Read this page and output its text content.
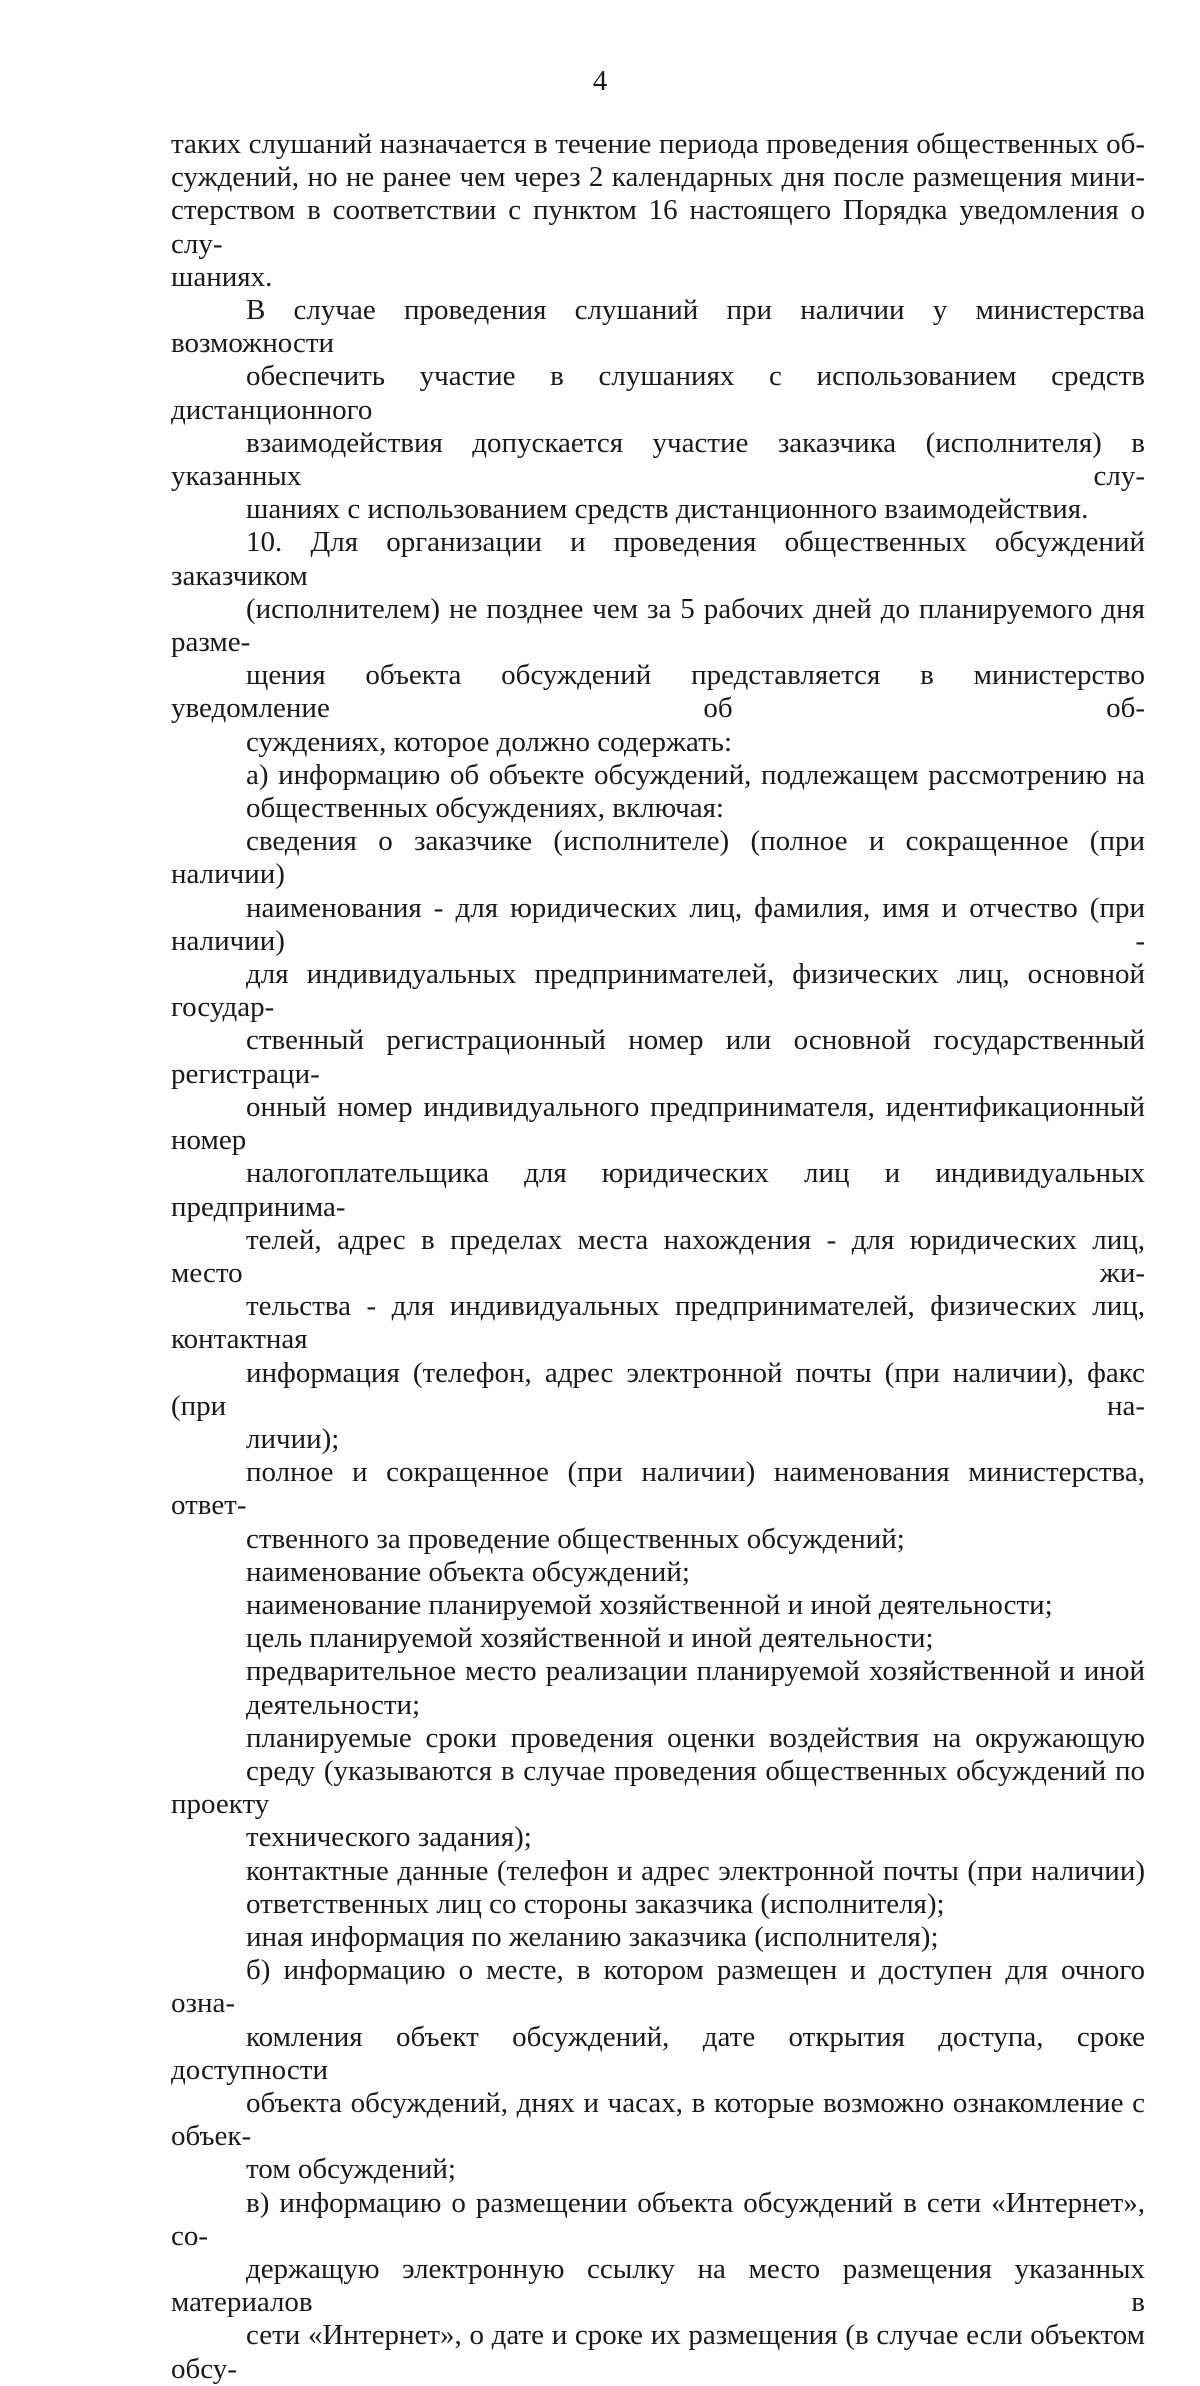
4

таких слушаний назначается в течение периода проведения общественных об-
суждений, но не ранее чем через 2 календарных дня после размещения мини-
стерством в соответствии с пунктом 16 настоящего Порядка уведомления о слу-
шаниях.

В случае проведения слушаний при наличии у министерства возможности
обеспечить участие в слушаниях с использованием средств дистанционного
взаимодействия допускается участие заказчика (исполнителя) в указанных слу-
шаниях с использованием средств дистанционного взаимодействия.

10. Для организации и проведения общественных обсуждений заказчиком
(исполнителем) не позднее чем за 5 рабочих дней до планируемого дня разме-
щения объекта обсуждений представляется в министерство уведомление об об-
суждениях, которое должно содержать:

а) информацию об объекте обсуждений, подлежащем рассмотрению на
общественных обсуждениях, включая:

сведения о заказчике (исполнителе) (полное и сокращенное (при наличии)
наименования - для юридических лиц, фамилия, имя и отчество (при наличии) -
для индивидуальных предпринимателей, физических лиц, основной государ-
ственный регистрационный номер или основной государственный регистраци-
онный номер индивидуального предпринимателя, идентификационный номер
налогоплательщика для юридических лиц и индивидуальных предпринима-
телей, адрес в пределах места нахождения - для юридических лиц, место жи-
тельства - для индивидуальных предпринимателей, физических лиц, контактная
информация (телефон, адрес электронной почты (при наличии), факс (при на-
личии);

полное и сокращенное (при наличии) наименования министерства, ответ-
ственного за проведение общественных обсуждений;

наименование объекта обсуждений;

наименование планируемой хозяйственной и иной деятельности;

цель планируемой хозяйственной и иной деятельности;

предварительное место реализации планируемой хозяйственной и иной
деятельности;

планируемые сроки проведения оценки воздействия на окружающую
среду (указываются в случае проведения общественных обсуждений по проекту
технического задания);

контактные данные (телефон и адрес электронной почты (при наличии)
ответственных лиц со стороны заказчика (исполнителя);

иная информация по желанию заказчика (исполнителя);

б) информацию о месте, в котором размещен и доступен для очного озна-
комления объект обсуждений, дате открытия доступа, сроке доступности
объекта обсуждений, днях и часах, в которые возможно ознакомление с объек-
том обсуждений;

в) информацию о размещении объекта обсуждений в сети «Интернет», со-
держащую электронную ссылку на место размещения указанных материалов в
сети «Интернет», о дате и сроке их размещения (в случае если объектом обсу-
